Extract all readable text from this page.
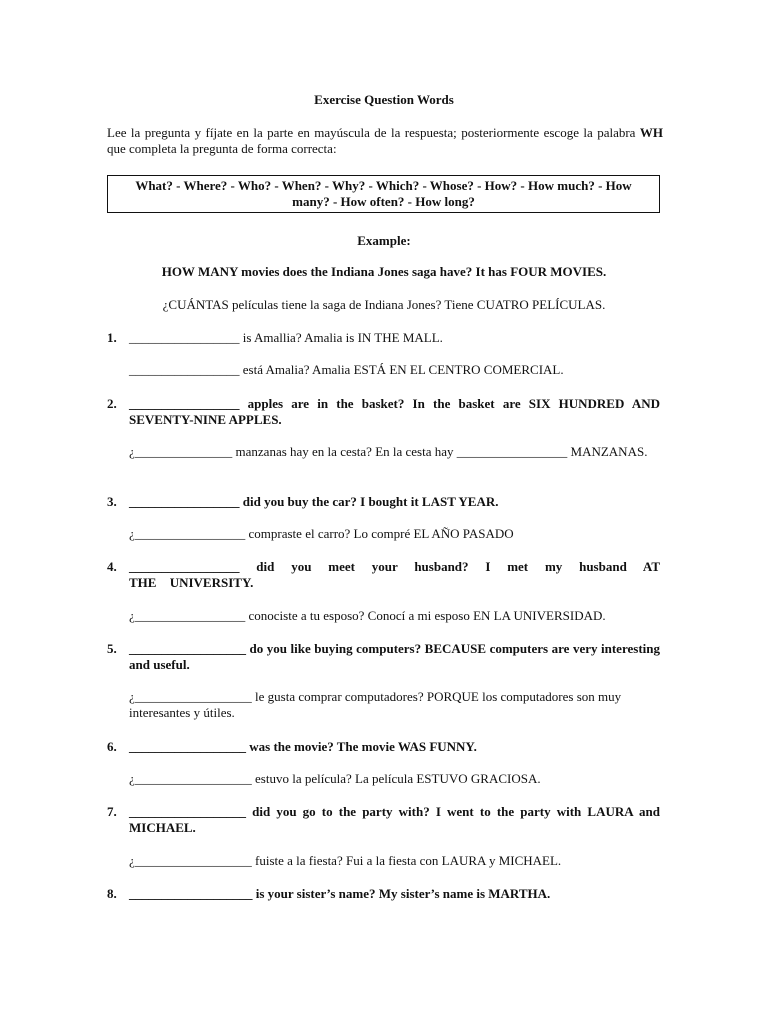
Exercise Question Words

Lee la pregunta y fíjate en la parte en mayúscula de la respuesta; posteriormente escoge la palabra WH que completa la pregunta de forma correcta:

What? - Where? - Who? - When? - Why? - Which? - Whose? - How? - How much? - How many? - How often? - How long?
Example:
HOW MANY movies does the Indiana Jones saga have? It has FOUR MOVIES.
¿CUÁNTAS películas tiene la saga de Indiana Jones? Tiene CUATRO PELÍCULAS.
1. _________________ is Amallia? Amalia is IN THE MALL.
_________________ está Amalia? Amalia ESTÁ EN EL CENTRO COMERCIAL.
2. _________________ apples are in the basket? In the basket are SIX HUNDRED AND SEVENTY-NINE APPLES.
¿_______________ manzanas hay en la cesta? En la cesta hay _________________ MANZANAS.
3. _________________ did you buy the car? I bought it LAST YEAR.
¿_________________ compraste el carro? Lo compré EL AÑO PASADO
4. _________________ did you meet your husband? I met my husband AT THE UNIVERSITY.
¿_________________ conociste a tu esposo? Conocí a mi esposo EN LA UNIVERSIDAD.
5. __________________ do you like buying computers? BECAUSE computers are very interesting and useful.
¿__________________ le gusta comprar computadores? PORQUE los computadores son muy interesantes y útiles.
6. __________________ was the movie? The movie WAS FUNNY.
¿__________________ estuvo la película? La película ESTUVO GRACIOSA.
7. __________________ did you go to the party with? I went to the party with LAURA and MICHAEL.
¿__________________ fuiste a la fiesta? Fui a la fiesta con LAURA y MICHAEL.
8. ___________________ is your sister’s name? My sister’s name is MARTHA.
